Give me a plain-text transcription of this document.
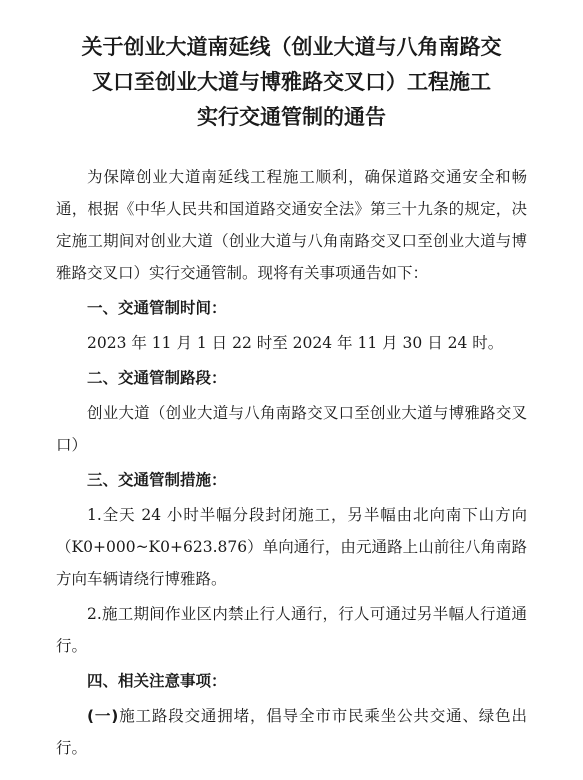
关于创业大道南延线（创业大道与八角南路交
叉口至创业大道与博雅路交叉口）工程施工
实行交通管制的通告
为保障创业大道南延线工程施工顺利，确保道路交通安全和畅通，根据《中华人民共和国道路交通安全法》第三十九条的规定，决定施工期间对创业大道（创业大道与八角南路交叉口至创业大道与博雅路交叉口）实行交通管制。现将有关事项通告如下：
一、交通管制时间：
2023 年 11 月 1 日 22 时至 2024 年 11 月 30 日 24 时。
二、交通管制路段：
创业大道（创业大道与八角南路交叉口至创业大道与博雅路交叉口）
三、交通管制措施：
1.全天 24 小时半幅分段封闭施工，另半幅由北向南下山方向（K0+000~K0+623.876）单向通行，由元通路上山前往八角南路方向车辆请绕行博雅路。
2.施工期间作业区内禁止行人通行，行人可通过另半幅人行道通行。
四、相关注意事项：
(一)施工路段交通拥堵，倡导全市市民乘坐公共交通、绿色出行。
